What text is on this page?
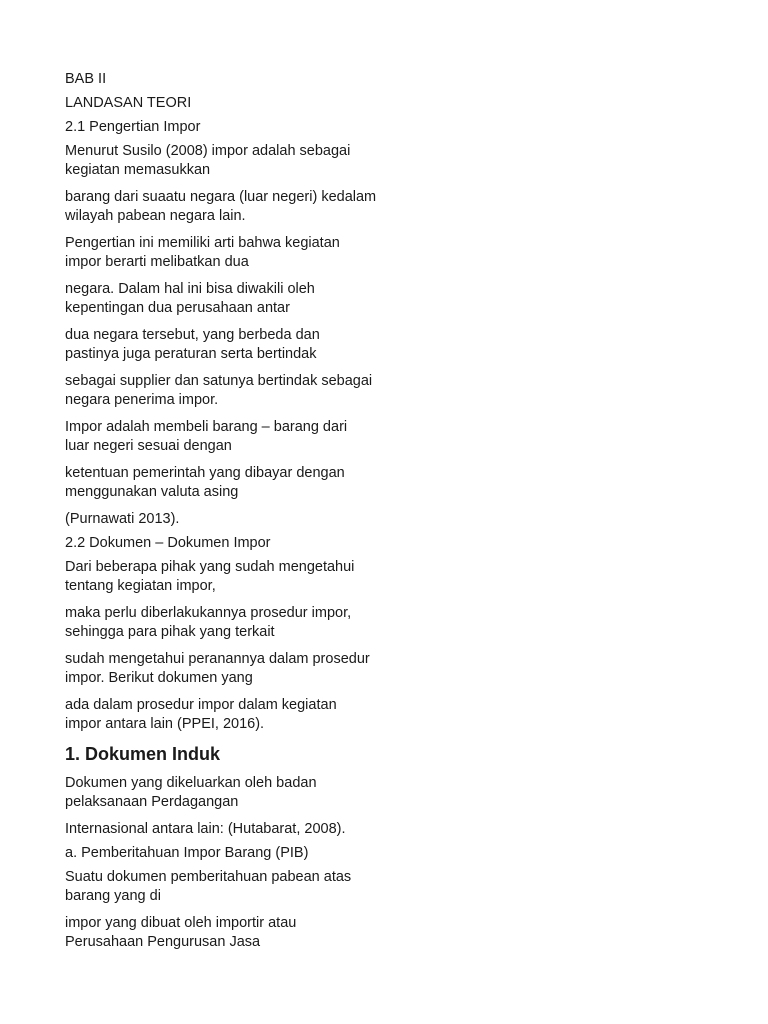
BAB II

LANDASAN TEORI

2.1 Pengertian Impor

Menurut Susilo (2008) impor adalah sebagai
kegiatan memasukkan
barang dari suaatu negara (luar negeri) kedalam
wilayah pabean negara lain.
Pengertian ini memiliki arti bahwa kegiatan
impor berarti melibatkan dua
negara. Dalam hal ini bisa diwakili oleh
kepentingan dua perusahaan antar
dua negara tersebut, yang berbeda dan
pastinya juga peraturan serta bertindak
sebagai supplier dan satunya bertindak sebagai
negara penerima impor.
Impor adalah membeli barang – barang dari
luar negeri sesuai dengan
ketentuan pemerintah yang dibayar dengan
menggunakan valuta asing

(Purnawati 2013).

2.2 Dokumen – Dokumen Impor

Dari beberapa pihak yang sudah mengetahui
tentang kegiatan impor,
maka perlu diberlakukannya prosedur impor,
sehingga para pihak yang terkait
sudah mengetahui peranannya dalam prosedur
impor. Berikut dokumen yang
ada dalam prosedur impor dalam kegiatan
impor antara lain (PPEI, 2016).

1. Dokumen Induk

Dokumen yang dikeluarkan oleh badan
pelaksanaan Perdagangan

Internasional antara lain: (Hutabarat, 2008).

a. Pemberitahuan Impor Barang (PIB)

Suatu dokumen pemberitahuan pabean atas
barang yang di
impor yang dibuat oleh importir atau
Perusahaan Pengurusan Jasa
